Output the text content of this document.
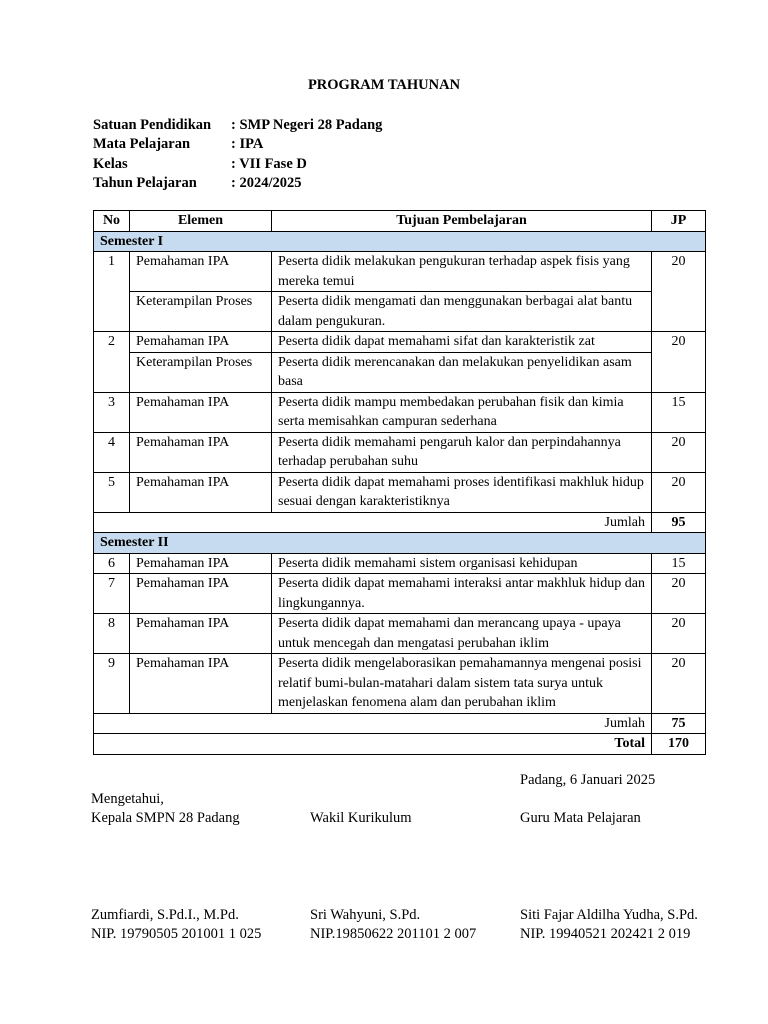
PROGRAM TAHUNAN
Satuan Pendidikan	: SMP Negeri 28 Padang
Mata Pelajaran	: IPA
Kelas	: VII Fase D
Tahun Pelajaran	: 2024/2025
No	Elemen	Tujuan Pembelajaran	JP
Semester I			
1	Pemahaman IPA	Peserta didik melakukan pengukuran terhadap aspek fisis yang mereka temui	20
	Keterampilan Proses	Peserta didik mengamati dan menggunakan berbagai alat bantu dalam pengukuran.	
2	Pemahaman IPA	Peserta didik dapat memahami sifat dan karakteristik zat	20
	Keterampilan Proses	Peserta didik merencanakan dan melakukan penyelidikan asam basa	
3	Pemahaman IPA	Peserta didik mampu membedakan perubahan fisik dan kimia serta memisahkan campuran sederhana	15
4	Pemahaman IPA	Peserta didik memahami pengaruh kalor dan perpindahannya terhadap perubahan suhu	20
5	Pemahaman IPA	Peserta didik dapat memahami proses identifikasi makhluk hidup sesuai dengan karakteristiknya	20
Jumlah			95
Semester II			
6	Pemahaman IPA	Peserta didik memahami sistem organisasi kehidupan	15
7	Pemahaman IPA	Peserta didik dapat memahami interaksi antar makhluk hidup dan lingkungannya.	20
8	Pemahaman IPA	Peserta didik dapat memahami dan merancang upaya - upaya untuk mencegah dan mengatasi perubahan iklim	20
9	Pemahaman IPA	Peserta didik mengelaborasikan pemahamannya mengenai posisi relatif bumi-bulan-matahari dalam sistem tata surya untuk menjelaskan fenomena alam dan perubahan iklim	20
Jumlah			75
Total			170
Padang, 6 Januari 2025
Mengetahui,
Kepala SMPN 28 Padang	Wakil Kurikulum	Guru Mata Pelajaran
Zumfiardi, S.Pd.I., M.Pd.	Sri Wahyuni, S.Pd.	Siti Fajar Aldilha Yudha, S.Pd.
NIP. 19790505 201001 1 025	NIP.19850622 201101 2 007	NIP. 19940521 202421 2 019
